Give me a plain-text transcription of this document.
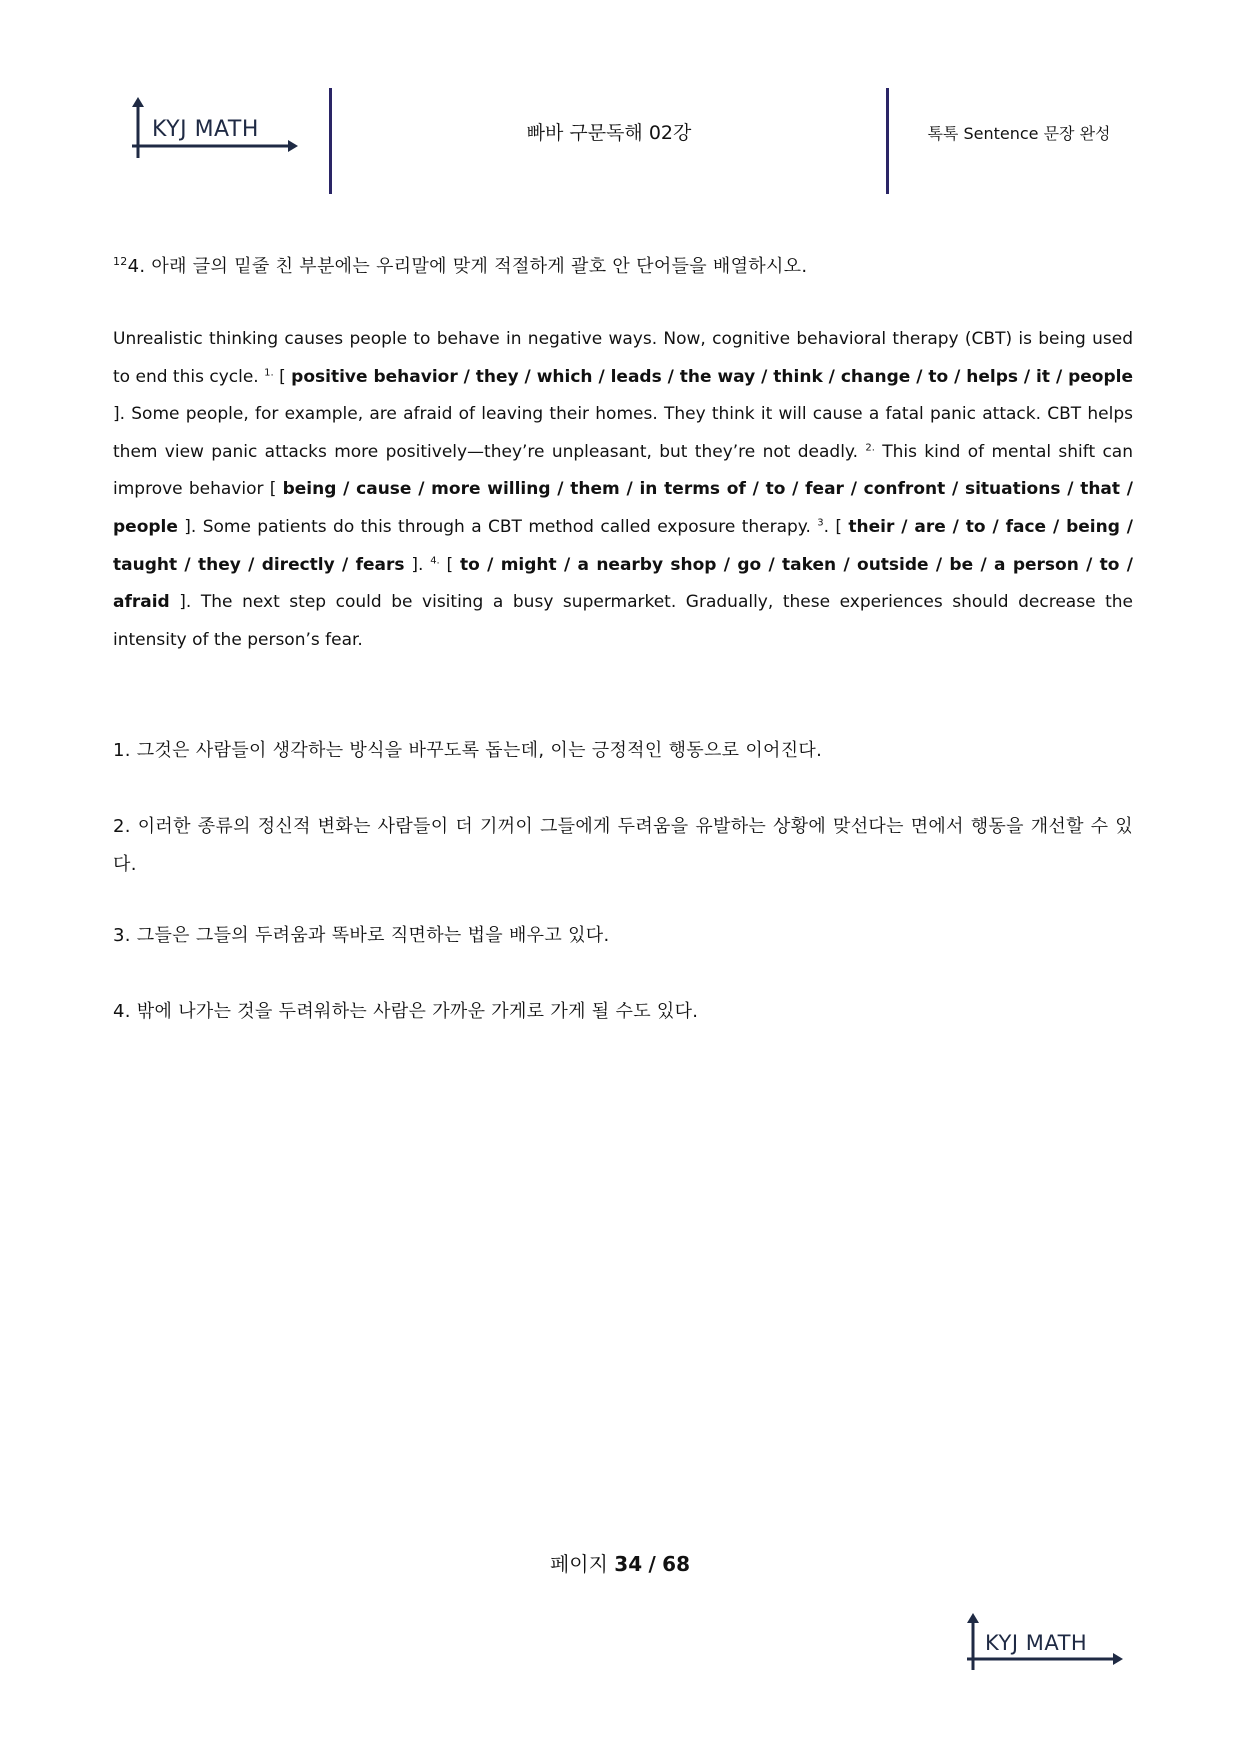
KYJ MATH	빠바 구문독해 02강	톡톡 Sentence 문장 완성
$^{12}$4. 아래 글의 밑줄 친 부분에는 우리말에 맞게 적절하게 괄호 안 단어들을 배열하시오.
Unrealistic thinking causes people to behave in negative ways. Now, cognitive behavioral therapy (CBT) is being used to end this cycle. $^{1.}$ [ positive behavior / they / which / leads / the way / think / change / to / helps / it / people ]. Some people, for example, are afraid of leaving their homes. They think it will cause a fatal panic attack. CBT helps them view panic attacks more positively—they’re unpleasant, but they’re not deadly. $^{2.}$ This kind of mental shift can improve behavior [ being / cause / more willing / them / in terms of / to / fear / confront / situations / that / people ]. Some patients do this through a CBT method called exposure therapy. $^3$. [ their / are / to / face / being / taught / they / directly / fears ]. $^{4.}$ [ to / might / a nearby shop / go / taken / outside / be / a person / to / afraid ]. The next step could be visiting a busy supermarket. Gradually, these experiences should decrease the intensity of the person’s fear.
1. 그것은 사람들이 생각하는 방식을 바꾸도록 돕는데, 이는 긍정적인 행동으로 이어진다.
2. 이러한 종류의 정신적 변화는 사람들이 더 기꺼이 그들에게 두려움을 유발하는 상황에 맞선다는 면에서 행동을 개선할 수 있다.
3. 그들은 그들의 두려움과 똑바로 직면하는 법을 배우고 있다.
4. 밖에 나가는 것을 두려워하는 사람은 가까운 가게로 가게 될 수도 있다.
페이지 34 / 68
KYJ MATH
